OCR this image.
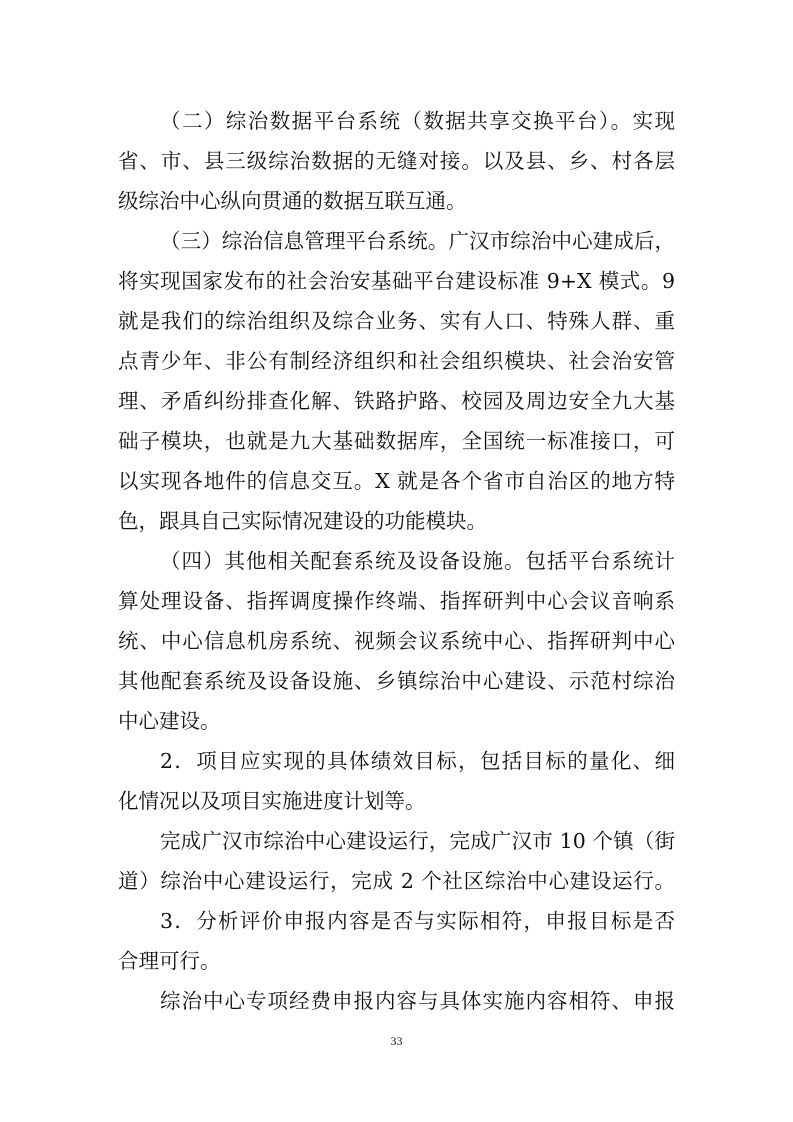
（二）综治数据平台系统（数据共享交换平台）。实现
省、市、县三级综治数据的无缝对接。以及县、乡、村各层
级综治中心纵向贯通的数据互联互通。
（三）综治信息管理平台系统。广汉市综治中心建成后，
将实现国家发布的社会治安基础平台建设标准 9+X 模式。9
就是我们的综治组织及综合业务、实有人口、特殊人群、重
点青少年、非公有制经济组织和社会组织模块、社会治安管
理、矛盾纠纷排查化解、铁路护路、校园及周边安全九大基
础子模块，也就是九大基础数据库，全国统一标准接口，可
以实现各地件的信息交互。X 就是各个省市自治区的地方特
色，跟具自己实际情况建设的功能模块。
（四）其他相关配套系统及设备设施。包括平台系统计
算处理设备、指挥调度操作终端、指挥研判中心会议音响系
统、中心信息机房系统、视频会议系统中心、指挥研判中心
其他配套系统及设备设施、乡镇综治中心建设、示范村综治
中心建设。
2．项目应实现的具体绩效目标，包括目标的量化、细
化情况以及项目实施进度计划等。
完成广汉市综治中心建设运行，完成广汉市 10 个镇（街
道）综治中心建设运行，完成 2 个社区综治中心建设运行。
3．分析评价申报内容是否与实际相符，申报目标是否
合理可行。
综治中心专项经费申报内容与具体实施内容相符、申报
33
